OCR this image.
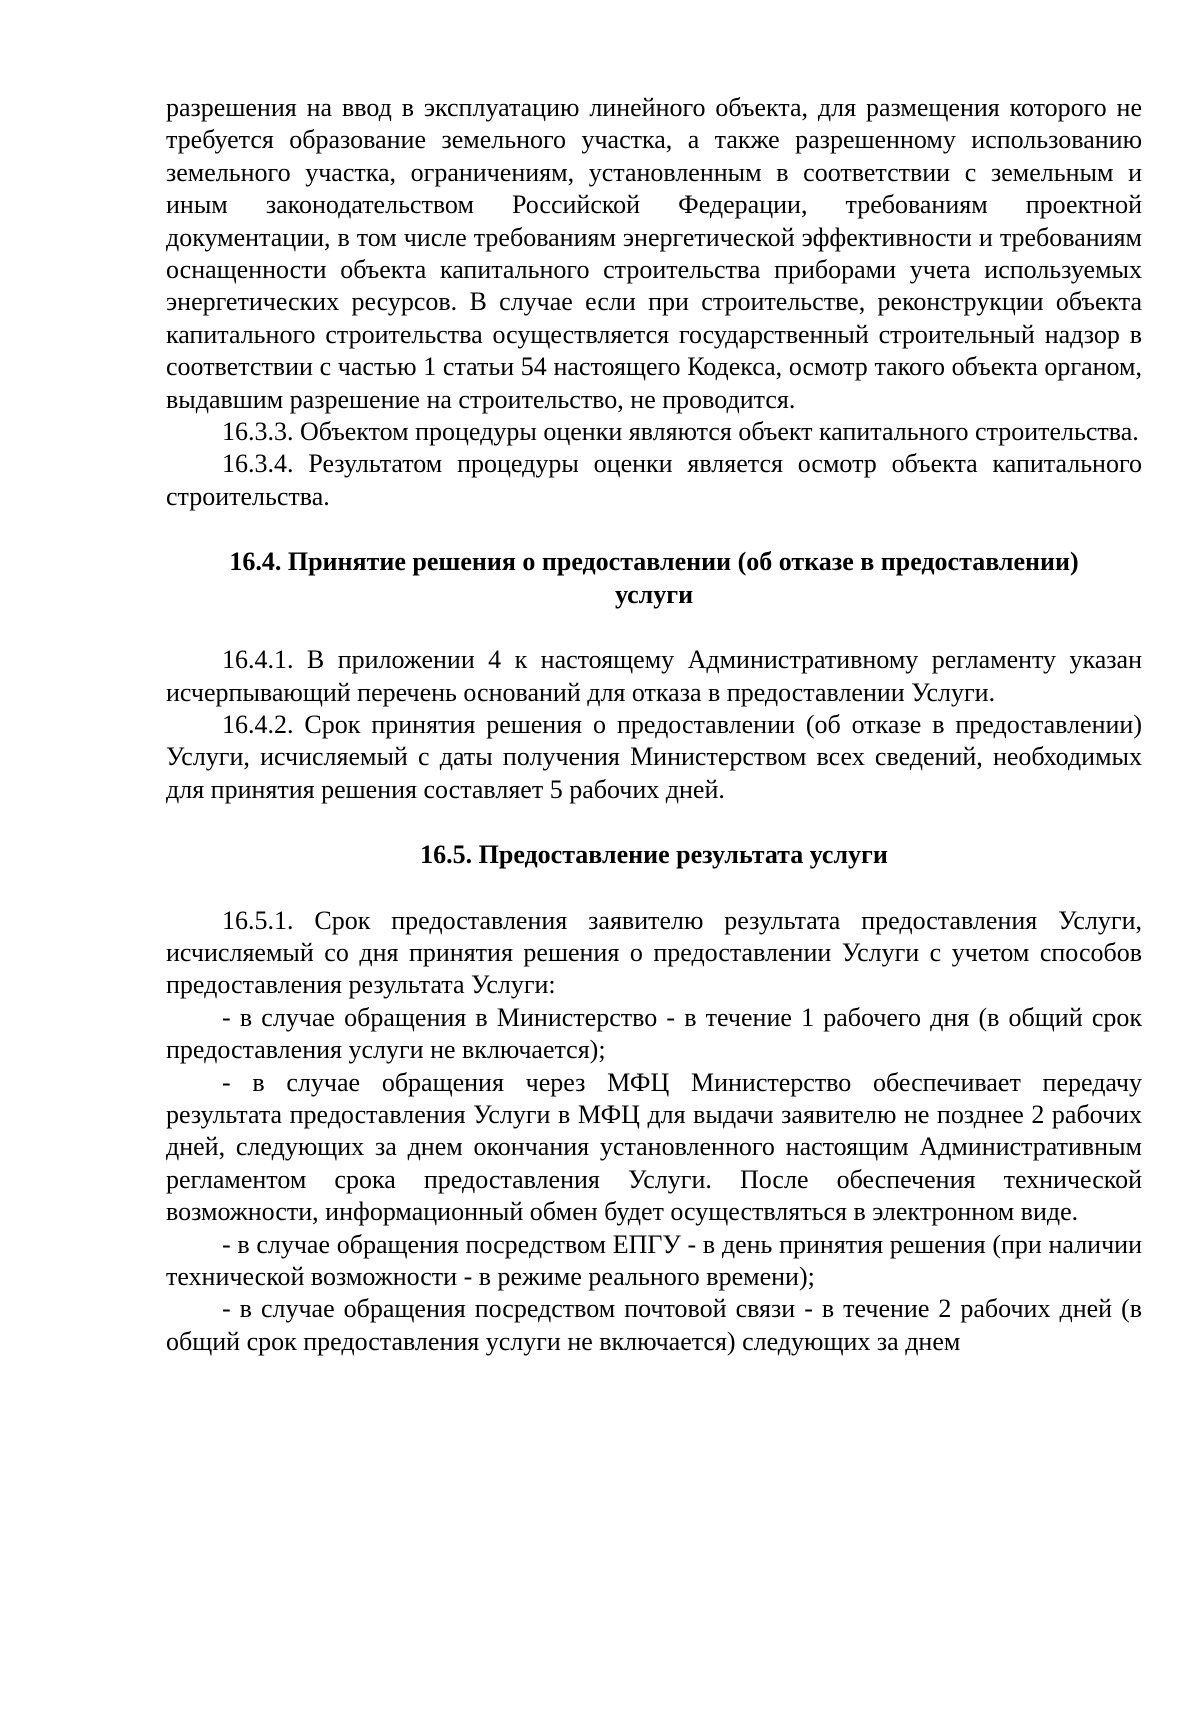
разрешения на ввод в эксплуатацию линейного объекта, для размещения которого не требуется образование земельного участка, а также разрешенному использованию земельного участка, ограничениям, установленным в соответствии с земельным и иным законодательством Российской Федерации, требованиям проектной документации, в том числе требованиям энергетической эффективности и требованиям оснащенности объекта капитального строительства приборами учета используемых энергетических ресурсов. В случае если при строительстве, реконструкции объекта капитального строительства осуществляется государственный строительный надзор в соответствии с частью 1 статьи 54 настоящего Кодекса, осмотр такого объекта органом, выдавшим разрешение на строительство, не проводится.

16.3.3. Объектом процедуры оценки являются объект капитального строительства.

16.3.4. Результатом процедуры оценки является осмотр объекта капитального строительства.

16.4. Принятие решения о предоставлении (об отказе в предоставлении) услуги

16.4.1. В приложении 4 к настоящему Административному регламенту указан исчерпывающий перечень оснований для отказа в предоставлении Услуги.

16.4.2. Срок принятия решения о предоставлении (об отказе в предоставлении) Услуги, исчисляемый с даты получения Министерством всех сведений, необходимых для принятия решения составляет 5 рабочих дней.

16.5. Предоставление результата услуги

16.5.1. Срок предоставления заявителю результата предоставления Услуги, исчисляемый со дня принятия решения о предоставлении Услуги с учетом способов предоставления результата Услуги:

- в случае обращения в Министерство - в течение 1 рабочего дня (в общий срок предоставления услуги не включается);

- в случае обращения через МФЦ Министерство обеспечивает передачу результата предоставления Услуги в МФЦ для выдачи заявителю не позднее 2 рабочих дней, следующих за днем окончания установленного настоящим Административным регламентом срока предоставления Услуги. После обеспечения технической возможности, информационный обмен будет осуществляться в электронном виде.

- в случае обращения посредством ЕПГУ - в день принятия решения (при наличии технической возможности - в режиме реального времени);

- в случае обращения посредством почтовой связи - в течение 2 рабочих дней (в общий срок предоставления услуги не включается) следующих за днем
